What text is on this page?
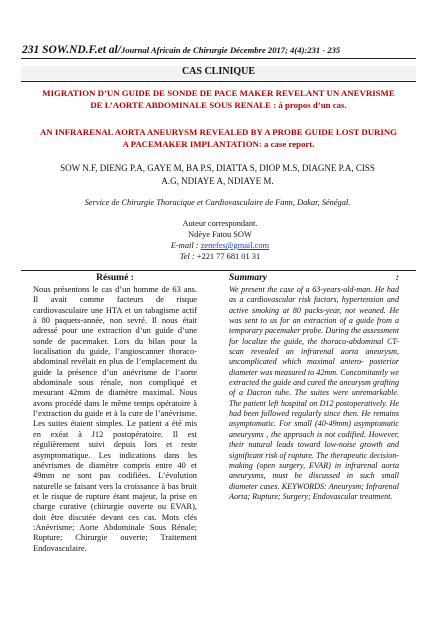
231 SOW.ND.F.et al/Journal Africain de Chirurgie Décembre 2017; 4(4):231 - 235
CAS CLINIQUE
MIGRATION D’UN GUIDE DE SONDE DE PACE MAKER REVELANT UN ANEVRISME DE L’AORTE ABDOMINALE SOUS RENALE : à propos d’un cas.
AN INFRARENAL AORTA ANEURYSM REVEALED BY A PROBE GUIDE LOST DURING A PACEMAKER IMPLANTATION: a case report.
SOW N.F, DIENG P.A, GAYE M, BA P.S, DIATTA S, DIOP M.S, DIAGNE P.A, CISS A.G, NDIAYE A, NDIAYE M.
Service de Chirurgie Thoracique et Cardiovasculaire de Fann, Dakar, Sénégal.
Auteur correspondant.
Ndèye Fatou SOW
E-mail : zenefes@gmail.com
Tel : +221 77 681 01 31
Résumé :
Nous présentons le cas d’un homme de 63 ans. Il avait comme facteurs de risque cardiovasculaire une HTA et un tabagisme actif à 80 paquets-année, non sevré. Il nous était adressé pour une extraction d’un guide d’une sonde de pacemaker. Lors du bilan pour la localisation du guide, l’angioscanner thoraco-abdominal revélait en plus de l’emplacement du guide la présence d’un anévrisme de l’aorte abdominale sous rénale, non compliqué et mesurant 42mm de diamètre maximal. Nous avons procédé dans le même temps opératoire à l’extraction du guide et à la cure de l’anévrisme. Les suites étaient simples. Le patient a été mis en exéat à J12 postopératoire. Il est régulièrement suivi depuis lors et reste asymptomatique. Les indications dans les anévrismes de diamètre compris entre 40 et 49mm ne sont pas codifiées. L’évolution naturelle se faisant vers la croissance à bas bruit et le risque de rupture étant majeur, la prise en charge curative (chirurgie ouverte ou EVAR), doit être discutée devant ces cas. Mots clés :Anévrisme; Aorte Abdominale Sous Rénale; Rupture; Chirurgie ouverte; Traitement Endovasculaire.
Summary	:
We present the case of a 63-years-old-man. He had as a cardiovascular risk factors, hypertension and active smoking at 80 packs-year, not weaned. He was sent to us for an extraction of a guide from a temporary pacemaker probe. During the assessment for localize the guide, the thoraco-abdominal CT-scan revealed an infrarenal aorta aneurysm, uncomplicated which maximal antero- posterior diameter was measured to 42mm. Concomitantly we extracted the guide and cured the aneurysm grafting of a Dacron tube. The suites were unremarkable. The patient left hospital on D12 postoperatively. He had been followed regularly since then. He remains asymptomatic. For small (40-49mm) asymptomatic aneurysms , the approach is not codified. However, their natural leads toward low-noise growth and significant risk of rupture. The therapeutic decision-making (open surgery, EVAR) in infrarenal aorta aneurysms, must be discussed in such small diameter cases. KEYWORDS: Aneurysm; Infrarenal Aorta; Rupture; Surgery; Endovascular treatment.
